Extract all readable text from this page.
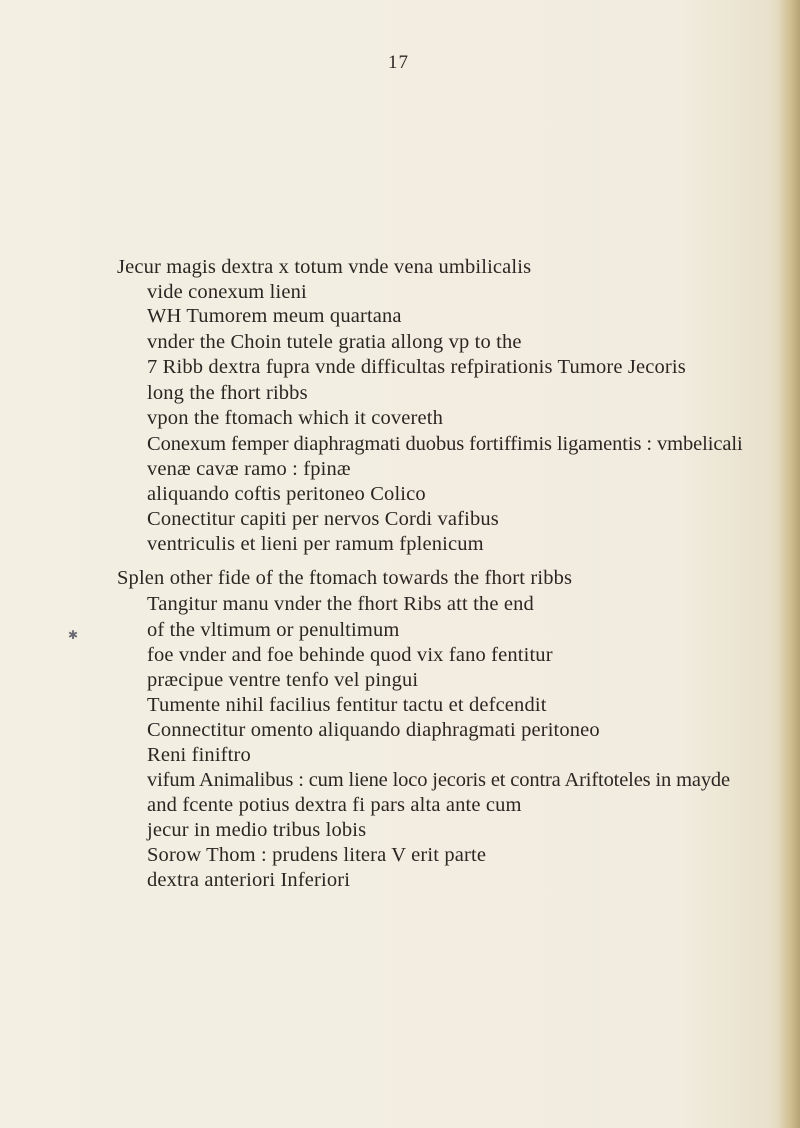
17
✱
Jecur magis dextra x totum vnde vena umbilicalis
vide conexum lieni
WH Tumorem meum quartana
vnder the Choin tutele gratia allong vp to the
7 Ribb dextra fupra vnde difficultas refpirationis Tumore Jecoris
long the fhort ribbs
vpon the ftomach which it covereth
Conexum femper diaphragmati duobus fortiffimis ligamentis : vmbelicali
venæ cavæ ramo : fpinæ
aliquando coftis peritoneo Colico
Conectitur capiti per nervos Cordi vafibus
ventriculis et lieni per ramum fplenicum
Splen other fide of the ftomach towards the fhort ribbs
Tangitur manu vnder the fhort Ribs att the end
of the vltimum or penultimum
foe vnder and foe behinde quod vix fano fentitur
præcipue ventre tenfo vel pingui
Tumente nihil facilius fentitur tactu et defcendit
Connectitur omento aliquando diaphragmati peritoneo
Reni finiftro
vifum Animalibus : cum liene loco jecoris et contra Ariftoteles in mayde
and fcente potius dextra fi pars alta ante cum
jecur in medio tribus lobis
Sorow Thom : prudens litera V erit parte
dextra anteriori Inferiori
